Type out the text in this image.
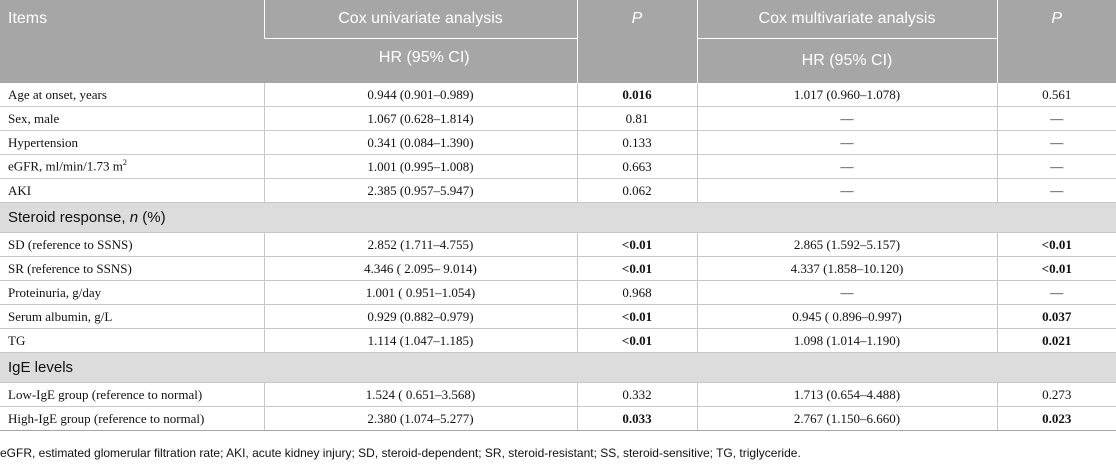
Items	Cox univariate analysis	P	Cox multivariate analysis	P
	HR (95% CI)		HR (95% CI)	
Age at onset, years	0.944 (0.901–0.989)	0.016	1.017 (0.960–1.078)	0.561
Sex, male	1.067 (0.628–1.814)	0.81	—	—
Hypertension	0.341 (0.084–1.390)	0.133	—	—
eGFR, ml/min/1.73 $m^2$	1.001 (0.995–1.008)	0.663	—	—
AKI	2.385 (0.957–5.947)	0.062	—	—
Steroid response, n (%)				
SD (reference to SSNS)	2.852 (1.711–4.755)	<0.01	2.865 (1.592–5.157)	<0.01
SR (reference to SSNS)	4.346 ( 2.095– 9.014)	<0.01	4.337 (1.858–10.120)	<0.01
Proteinuria, g/day	1.001 ( 0.951–1.054)	0.968	—	—
Serum albumin, g/L	0.929 (0.882–0.979)	<0.01	0.945 ( 0.896–0.997)	0.037
TG	1.114 (1.047–1.185)	<0.01	1.098 (1.014–1.190)	0.021
IgE levels				
Low-IgE group (reference to normal)	1.524 ( 0.651–3.568)	0.332	1.713 (0.654–4.488)	0.273
High-IgE group (reference to normal)	2.380 (1.074–5.277)	0.033	2.767 (1.150–6.660)	0.023
eGFR, estimated glomerular filtration rate; AKI, acute kidney injury; SD, steroid-dependent; SR, steroid-resistant; SS, steroid-sensitive; TG, triglyceride.
